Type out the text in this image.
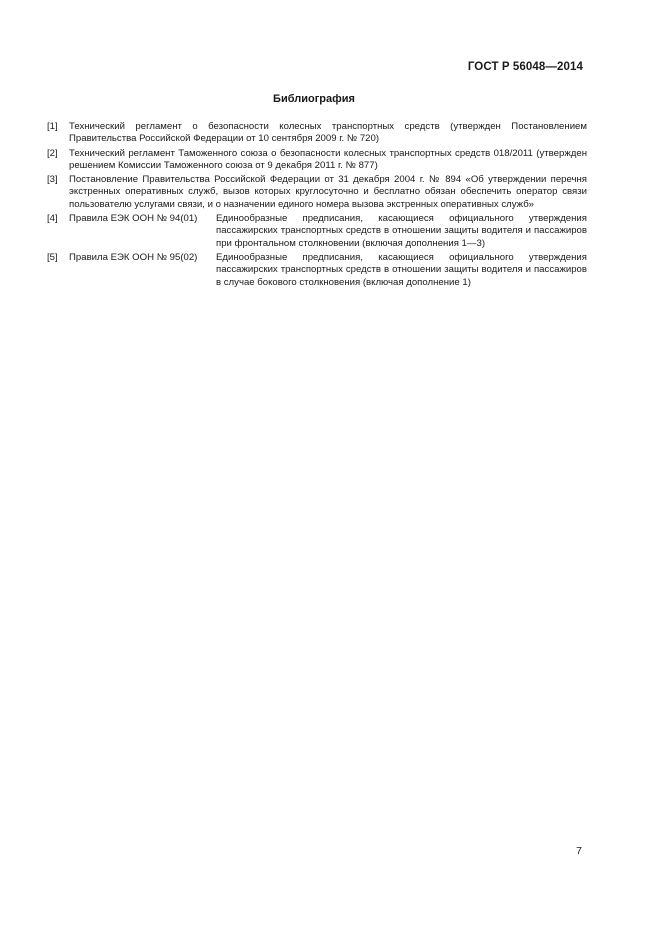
ГОСТ Р 56048—2014
Библиография
[1]	Технический регламент о безопасности колесных транспортных средств (утвержден Постановлением Правительства Российской Федерации от 10 сентября 2009 г. № 720)
[2]	Технический регламент Таможенного союза о безопасности колесных транспортных средств 018/2011 (утвержден решением Комиссии Таможенного союза от 9 декабря 2011 г. № 877)
[3]	Постановление Правительства Российской Федерации от 31 декабря 2004 г. № 894 «Об утверждении перечня экстренных оперативных служб, вызов которых круглосуточно и бесплатно обязан обеспечить оператор связи пользователю услугами связи, и о назначении единого номера вызова экстренных оперативных служб»
[4]	Правила ЕЭК ООН № 94(01)	Единообразные предписания, касающиеся официального утверждения пассажирских транспортных средств в отношении защиты водителя и пассажиров при фронтальном столкновении (включая дополнения 1—3)
[5]	Правила ЕЭК ООН № 95(02)	Единообразные предписания, касающиеся официального утверждения пассажирских транспортных средств в отношении защиты водителя и пассажиров в случае бокового столкновения (включая дополнение 1)
7
